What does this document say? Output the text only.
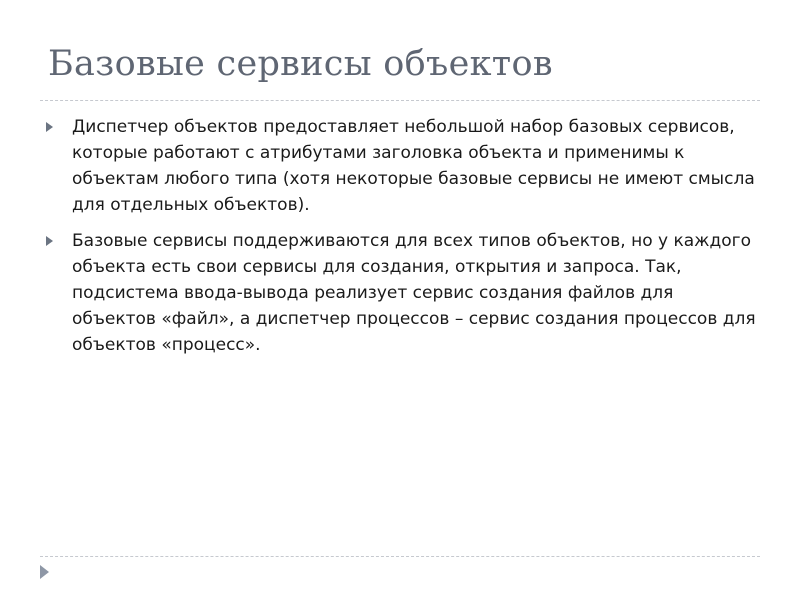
Базовые сервисы объектов
Диспетчер объектов предоставляет небольшой набор базовых сервисов, которые работают с атрибутами заголовка объекта и применимы к объектам любого типа (хотя некоторые базовые сервисы не имеют смысла для отдельных объектов).
Базовые сервисы поддерживаются для всех типов объектов, но у каждого объекта есть свои сервисы для создания, открытия и запроса. Так, подсистема ввода-вывода реализует сервис создания файлов для объектов «файл», а диспетчер процессов – сервис создания процессов для объектов «процесс».
